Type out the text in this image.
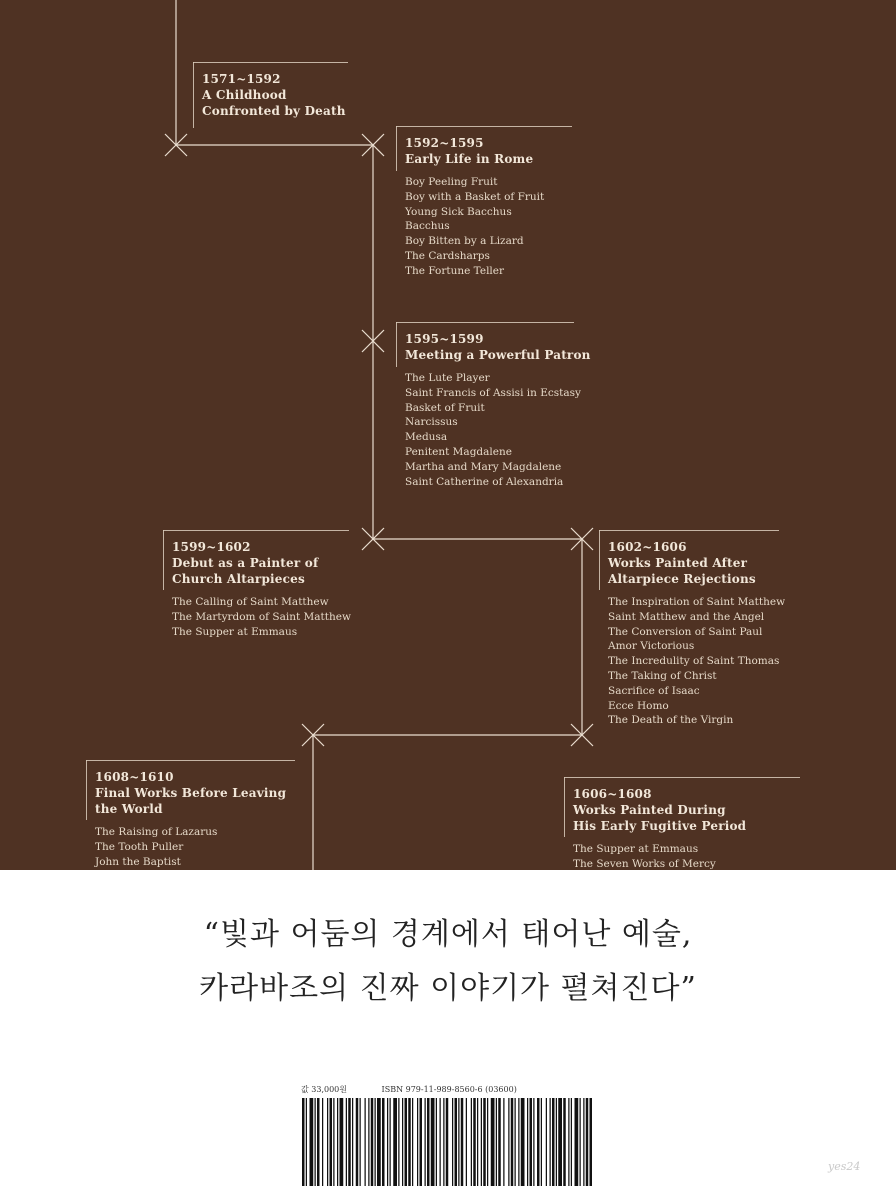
1571~1592
A Childhood
Confronted by Death
1592~1595
Early Life in Rome
Boy Peeling Fruit
Boy with a Basket of Fruit
Young Sick Bacchus
Bacchus
Boy Bitten by a Lizard
The Cardsharps
The Fortune Teller
1595~1599
Meeting a Powerful Patron
The Lute Player
Saint Francis of Assisi in Ecstasy
Basket of Fruit
Narcissus
Medusa
Penitent Magdalene
Martha and Mary Magdalene
Saint Catherine of Alexandria
1599~1602
Debut as a Painter of
Church Altarpieces
The Calling of Saint Matthew
The Martyrdom of Saint Matthew
The Supper at Emmaus
1602~1606
Works Painted After
Altarpiece Rejections
The Inspiration of Saint Matthew
Saint Matthew and the Angel
The Conversion of Saint Paul
Amor Victorious
The Incredulity of Saint Thomas
The Taking of Christ
Sacrifice of Isaac
Ecce Homo
The Death of the Virgin
1608~1610
Final Works Before Leaving
the World
The Raising of Lazarus
The Tooth Puller
John the Baptist
1606~1608
Works Painted During
His Early Fugitive Period
The Supper at Emmaus
The Seven Works of Mercy
“빛과 어둠의 경계에서 태어난 예술,
카라바조의 진짜 이야기가 펼쳐진다”
값 33,000원	ISBN 979-11-989-8560-6 (03600)
yes24
